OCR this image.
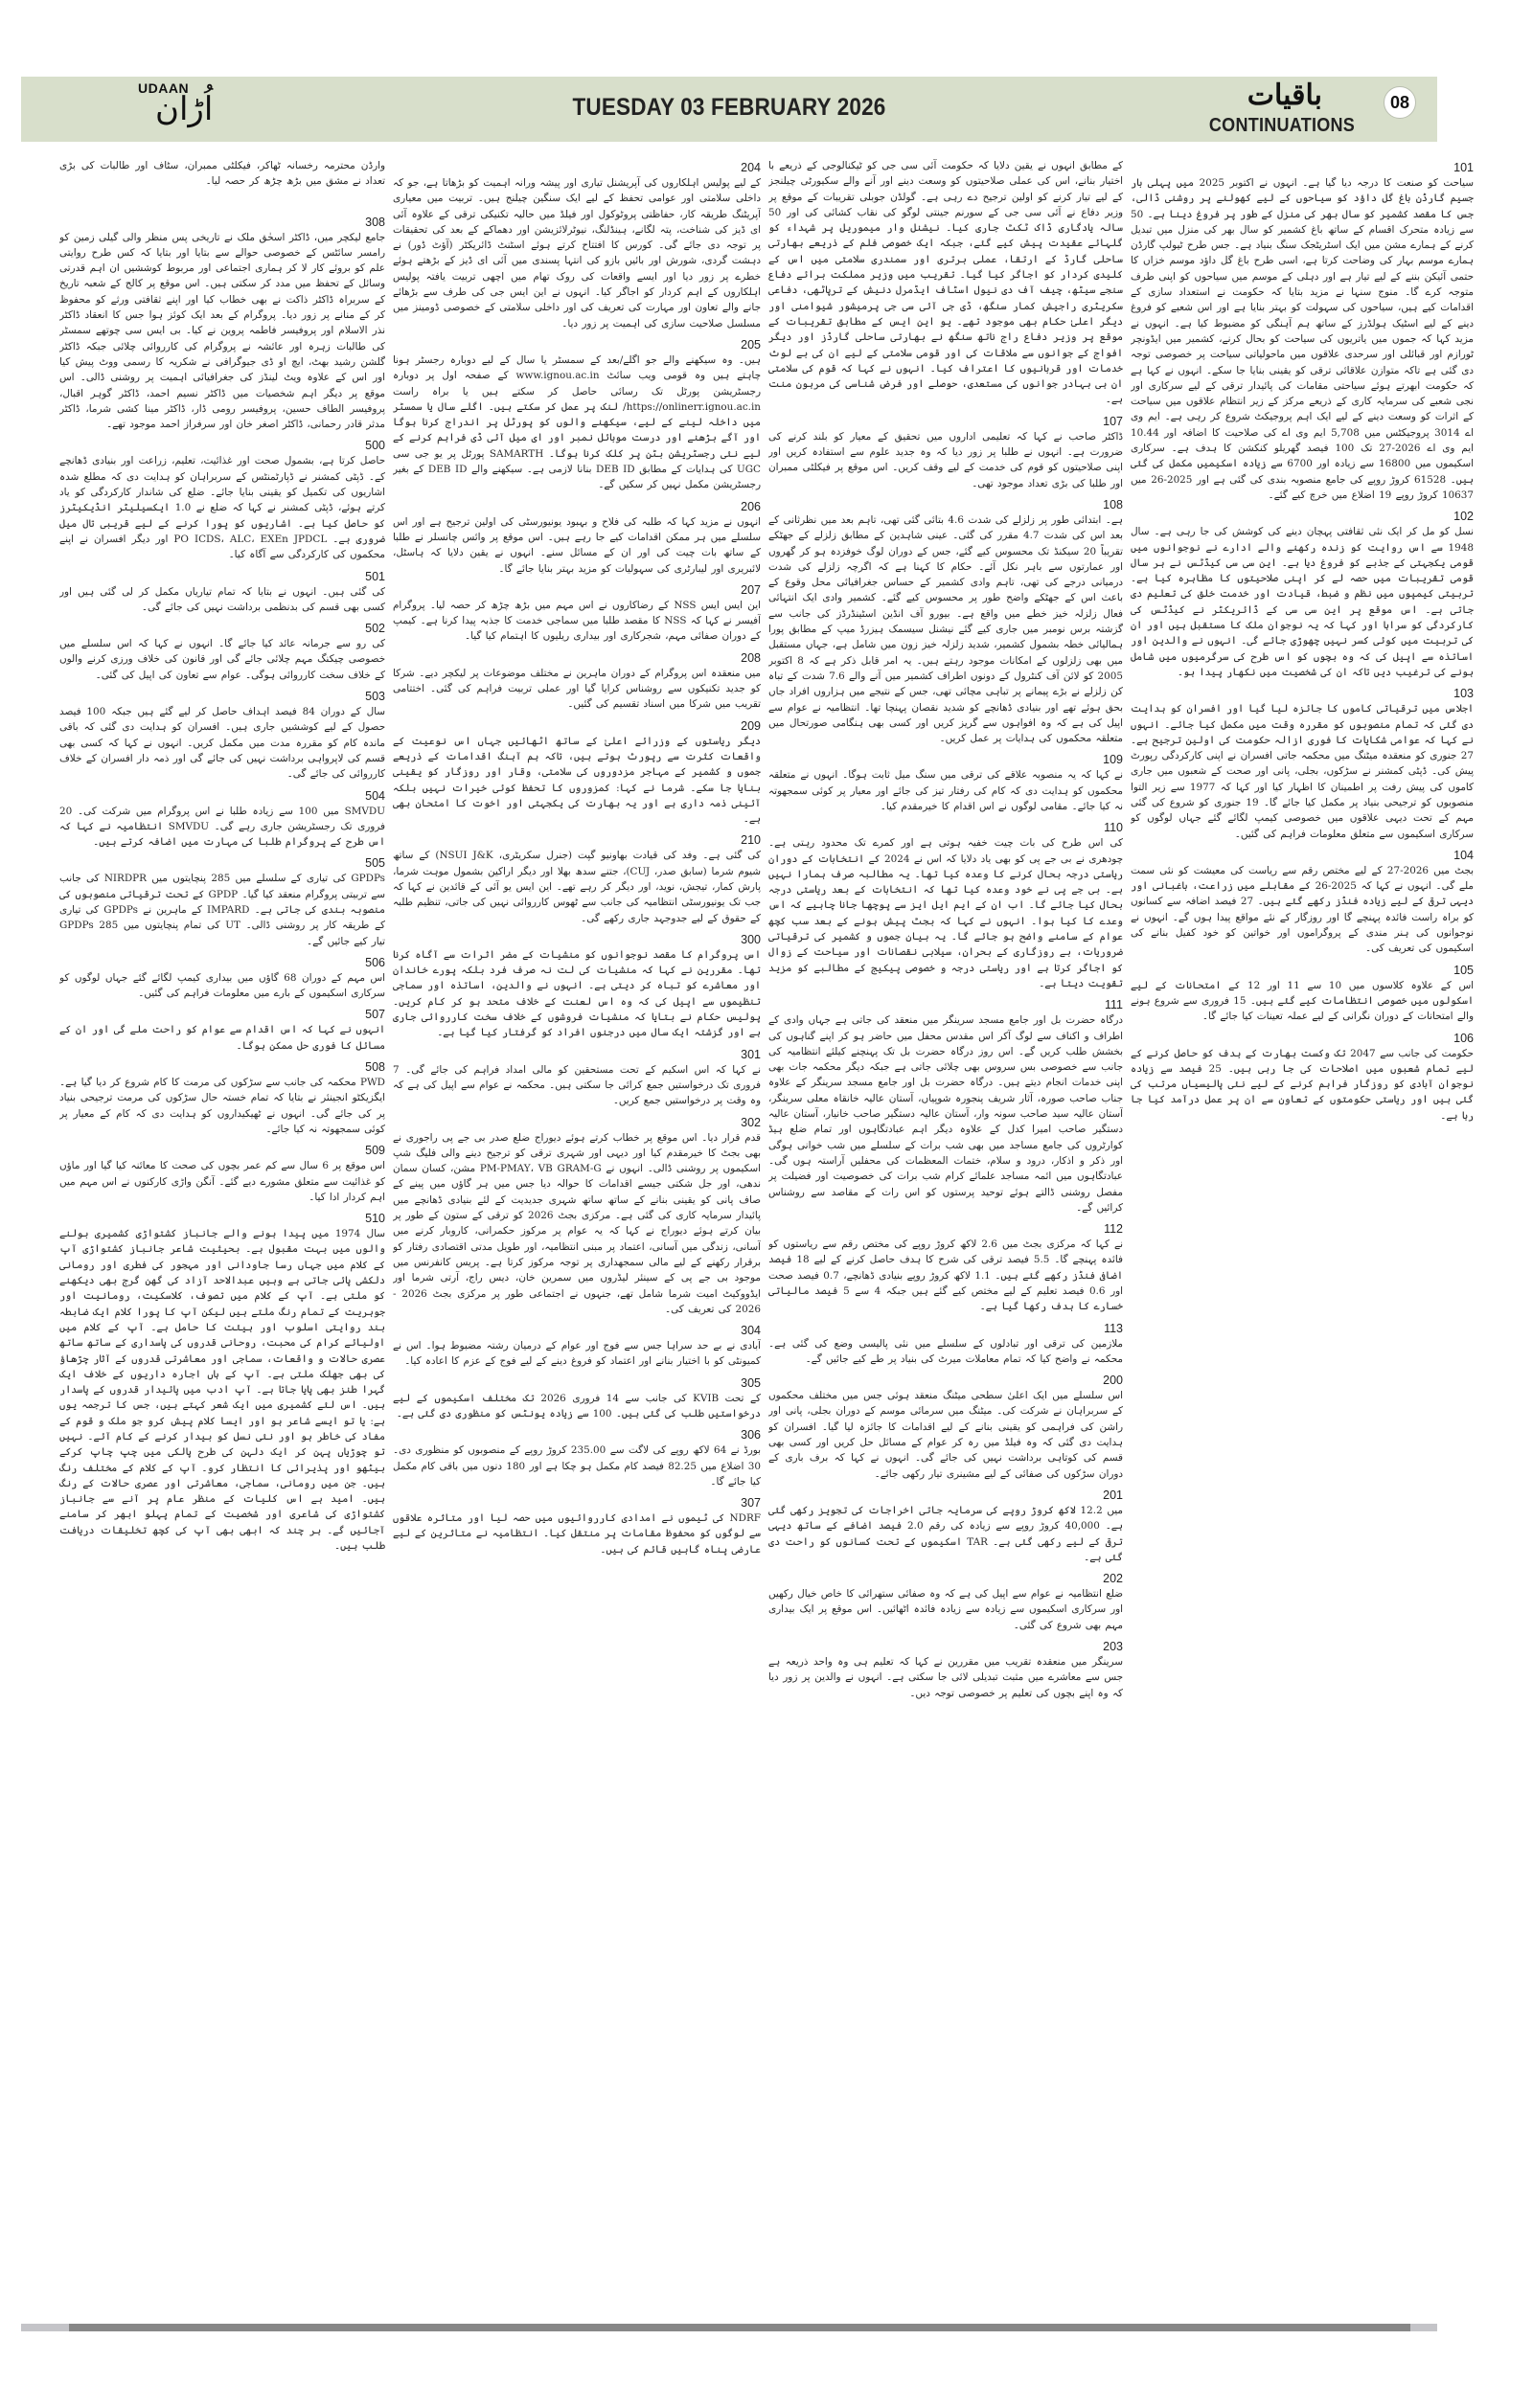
UDAAN
اُڑان	TUESDAY 03 FEBRUARY 2026	باقیات
CONTINUATIONS
08
101

سیاحت کو صنعت کا درجہ دیا گیا ہے۔ انہوں نے اکتوبر 2025 میں پہلی بار جسیم گارڈن باغ گل داؤد کو سیاحوں کے لیے کھولنے پر روشنی ڈالی، جس کا مقصد کشمیر کو سال بھر کی منزل کے طور پر فروغ دینا ہے۔ 50 سے زیادہ متحرک اقسام کے ساتھ باغ کشمیر کو سال بھر کی منزل میں تبدیل کرنے کے ہمارے مشن میں ایک اسٹریٹجک سنگ بنیاد ہے۔ جس طرح ٹیولپ گارڈن ہمارے موسم بہار کی وضاحت کرتا ہے، اسی طرح باغ گل داؤد موسم خزاں کا حتمی آئیکن بننے کے لیے تیار ہے اور دہلی کے موسم میں سیاحوں کو اپنی طرف متوجہ کرے گا۔ منوج سنہا نے مزید بتایا کہ حکومت نے استعداد سازی کے اقدامات کیے ہیں، سیاحوں کی سہولت کو بہتر بنایا ہے اور اس شعبے کو فروغ دینے کے لیے اسٹیک ہولڈرز کے ساتھ ہم آہنگی کو مضبوط کیا ہے۔ انہوں نے مزید کہا کہ جموں میں یاتریوں کی سیاحت کو بحال کرنے، کشمیر میں ایڈونچر ٹورازم اور قبائلی اور سرحدی علاقوں میں ماحولیاتی سیاحت پر خصوصی توجہ دی گئی ہے تاکہ متوازن علاقائی ترقی کو یقینی بنایا جا سکے۔ انہوں نے کہا ہے کہ حکومت ابھرتے ہوئے سیاحتی مقامات کی پائیدار ترقی کے لیے سرکاری اور نجی شعبے کی سرمایہ کاری کے ذریعے مرکز کے زیر انتظام علاقوں میں سیاحت کے اثرات کو وسعت دینے کے لیے ایک اہم پروجیکٹ شروع کر رہی ہے۔ ایم وی اے 3014 پروجیکٹس میں 5,708 ایم وی اے کی صلاحیت کا اضافہ اور 10.44 ایم وی اے 2026-27 تک 100 فیصد گھریلو کنکشن کا ہدف ہے۔ سرکاری اسکیموں میں 16800 سے زیادہ اور 6700 سے زیادہ اسکیمیں مکمل کی گئی ہیں۔ 61528 کروڑ روپے کی جامع منصوبہ بندی کی گئی ہے اور 2025-26 میں 10637 کروڑ روپے 19 اضلاع میں خرچ کیے گئے۔

102

نسل کو مل کر ایک نئی ثقافتی پہچان دینے کی کوشش کی جا رہی ہے۔ سال 1948 سے اس روایت کو زندہ رکھنے والے ادارے نے نوجوانوں میں قومی یکجہتی کے جذبے کو فروغ دیا ہے۔ این سی سی کیڈٹس نے ہر سال قومی تقریبات میں حصہ لے کر اپنی صلاحیتوں کا مظاہرہ کیا ہے۔ تربیتی کیمپوں میں نظم و ضبط، قیادت اور خدمت خلق کی تعلیم دی جاتی ہے۔ اس موقع پر این سی سی کے ڈائریکٹر نے کیڈٹس کی کارکردگی کو سراہا اور کہا کہ یہ نوجوان ملک کا مستقبل ہیں اور ان کی تربیت میں کوئی کسر نہیں چھوڑی جائے گی۔ انہوں نے والدین اور اساتذہ سے اپیل کی کہ وہ بچوں کو اس طرح کی سرگرمیوں میں شامل ہونے کی ترغیب دیں تاکہ ان کی شخصیت میں نکھار پیدا ہو۔

103

اجلاس میں ترقیاتی کاموں کا جائزہ لیا گیا اور افسران کو ہدایت دی گئی کہ تمام منصوبوں کو مقررہ وقت میں مکمل کیا جائے۔ انہوں نے کہا کہ عوامی شکایات کا فوری ازالہ حکومت کی اولین ترجیح ہے۔ 27 جنوری کو منعقدہ میٹنگ میں محکمہ جاتی افسران نے اپنی کارکردگی رپورٹ پیش کی۔ ڈپٹی کمشنر نے سڑکوں، بجلی، پانی اور صحت کے شعبوں میں جاری کاموں کی پیش رفت پر اطمینان کا اظہار کیا اور کہا کہ 1977 سے زیر التوا منصوبوں کو ترجیحی بنیاد پر مکمل کیا جائے گا۔ 19 جنوری کو شروع کی گئی مہم کے تحت دیہی علاقوں میں خصوصی کیمپ لگائے گئے جہاں لوگوں کو سرکاری اسکیموں سے متعلق معلومات فراہم کی گئیں۔

104

بجٹ میں 2026-27 کے لیے مختص رقم سے ریاست کی معیشت کو نئی سمت ملے گی۔ انہوں نے کہا کہ 2025-26 کے مقابلے میں زراعت، باغبانی اور دیہی ترقی کے لیے زیادہ فنڈز رکھے گئے ہیں۔ 27 فیصد اضافہ سے کسانوں کو براہ راست فائدہ پہنچے گا اور روزگار کے نئے مواقع پیدا ہوں گے۔ انہوں نے نوجوانوں کی ہنر مندی کے پروگراموں اور خواتین کو خود کفیل بنانے کی اسکیموں کی تعریف کی۔

105

اس کے علاوہ کلاسوں میں 10 سے 11 اور 12 کے امتحانات کے لیے اسکولوں میں خصوصی انتظامات کیے گئے ہیں۔ 15 فروری سے شروع ہونے والے امتحانات کے دوران نگرانی کے لیے عملہ تعینات کیا جائے گا۔

106

حکومت کی جانب سے 2047 تک وکست بھارت کے ہدف کو حاصل کرنے کے لیے تمام شعبوں میں اصلاحات کی جا رہی ہیں۔ 25 فیصد سے زیادہ نوجوان آبادی کو روزگار فراہم کرنے کے لیے نئی پالیسیاں مرتب کی گئی ہیں اور ریاستی حکومتوں کے تعاون سے ان پر عمل درآمد کیا جا رہا ہے۔

کے مطابق انہوں نے یقین دلایا کہ حکومت آئی سی جی کو ٹیکنالوجی کے ذریعے با اختیار بنانے، اس کی عملی صلاحیتوں کو وسعت دینے اور آنے والے سکیورٹی چیلنجز کے لیے تیار کرنے کو اولین ترجیح دے رہی ہے۔ گولڈن جوبلی تقریبات کے موقع پر وزیر دفاع نے آئی سی جی کے سورنم جینتی لوگو کی نقاب کشائی کی اور 50 سالہ یادگاری ڈاک ٹکٹ جاری کیا۔ نیشنل وار میموریل پر شہداء کو گلہائے عقیدت پیش کیے گئے، جبکہ ایک خصوصی فلم کے ذریعے بھارتی ساحلی گارڈ کے ارتقا، عملی برتری اور سمندری سلامتی میں اس کے کلیدی کردار کو اجاگر کیا گیا۔ تقریب میں وزیر مملکت برائے دفاع سنجے سیٹھ، چیف آف دی نیول اسٹاف ایڈمرل دنیش کے ترپاٹھی، دفاعی سکریٹری راجیش کمار سنگھ، ڈی جی آئی سی جی پرمیشور شیوامنی اور دیگر اعلیٰ حکام بھی موجود تھے۔ یو این ایس کے مطابق تقریبات کے موقع پر وزیر دفاع راج ناتھ سنگھ نے بھارتی ساحلی گارڈز اور دیگر افواج کے جوانوں سے ملاقات کی اور قومی سلامتی کے لیے ان کی بے لوث خدمات اور قربانیوں کا اعتراف کیا۔ انہوں نے کہا کہ قوم کی سلامتی ان ہی بہادر جوانوں کی مستعدی، حوصلے اور فرض شناسی کی مرہون منت ہے۔

107

ڈاکٹر صاحب نے کہا کہ تعلیمی اداروں میں تحقیق کے معیار کو بلند کرنے کی ضرورت ہے۔ انہوں نے طلبا پر زور دیا کہ وہ جدید علوم سے استفادہ کریں اور اپنی صلاحیتوں کو قوم کی خدمت کے لیے وقف کریں۔ اس موقع پر فیکلٹی ممبران اور طلبا کی بڑی تعداد موجود تھی۔

108

ہے۔ ابتدائی طور پر زلزلے کی شدت 4.6 بتائی گئی تھی، تاہم بعد میں نظرثانی کے بعد اس کی شدت 4.7 مقرر کی گئی۔ عینی شاہدین کے مطابق زلزلے کے جھٹکے تقریباً 20 سیکنڈ تک محسوس کیے گئے، جس کے دوران لوگ خوفزدہ ہو کر گھروں اور عمارتوں سے باہر نکل آئے۔ حکام کا کہنا ہے کہ اگرچہ زلزلے کی شدت درمیانی درجے کی تھی، تاہم وادی کشمیر کے حساس جغرافیائی محل وقوع کے باعث اس کے جھٹکے واضح طور پر محسوس کیے گئے۔ کشمیر وادی ایک انتہائی فعال زلزلہ خیز خطے میں واقع ہے۔ بیورو آف انڈین اسٹینڈرڈز کی جانب سے گزشتہ برس نومبر میں جاری کیے گئے نیشنل سیسمک ہیزرڈ میپ کے مطابق پورا ہمالیائی خطہ بشمول کشمیر، شدید زلزلہ خیز زون میں شامل ہے، جہاں مستقبل میں بھی زلزلوں کے امکانات موجود رہتے ہیں۔ یہ امر قابل ذکر ہے کہ 8 اکتوبر 2005 کو لائن آف کنٹرول کے دونوں اطراف کشمیر میں آنے والے 7.6 شدت کے تباہ کن زلزلے نے بڑے پیمانے پر تباہی مچائی تھی، جس کے نتیجے میں ہزاروں افراد جاں بحق ہوئے تھے اور بنیادی ڈھانچے کو شدید نقصان پہنچا تھا۔ انتظامیہ نے عوام سے اپیل کی ہے کہ وہ افواہوں سے گریز کریں اور کسی بھی ہنگامی صورتحال میں متعلقہ محکموں کی ہدایات پر عمل کریں۔

109

نے کہا کہ یہ منصوبہ علاقے کی ترقی میں سنگ میل ثابت ہوگا۔ انہوں نے متعلقہ محکموں کو ہدایت دی کہ کام کی رفتار تیز کی جائے اور معیار پر کوئی سمجھوتہ نہ کیا جائے۔ مقامی لوگوں نے اس اقدام کا خیرمقدم کیا۔

110

کی اس طرح کی بات چیت خفیہ ہوتی ہے اور کمرے تک محدود رہتی ہے۔ چودھری نے بی جے پی کو بھی یاد دلایا کہ اس نے 2024 کے انتخابات کے دوران ریاستی درجہ بحال کرنے کا وعدہ کیا تھا۔ یہ مطالبہ صرف ہمارا نہیں ہے۔ بی جے پی نے خود وعدہ کیا تھا کہ انتخابات کے بعد ریاستی درجہ بحال کیا جائے گا۔ اب ان کے ایم ایل ایز سے پوچھا جانا چاہیے کہ اس وعدے کا کیا ہوا۔ انہوں نے کہا کہ بجٹ پیش ہونے کے بعد سب کچھ عوام کے سامنے واضح ہو جائے گا۔ یہ بیان جموں و کشمیر کی ترقیاتی ضروریات، بے روزگاری کے بحران، سیلابی نقصانات اور سیاحت کے زوال کو اجاگر کرتا ہے اور ریاستی درجہ و خصوصی پیکیج کے مطالبے کو مزید تقویت دیتا ہے۔

111

درگاہ حضرت بل اور جامع مسجد سرینگر میں منعقد کی جاتی ہے جہاں وادی کے اطراف و اکناف سے لوگ آکر اس مقدس محفل میں حاضر ہو کر اپنے گناہوں کی بخشش طلب کریں گے۔ اس روز درگاہ حضرت بل تک پہنچنے کیلئے انتظامیہ کی جانب سے خصوصی بس سروس بھی چلائی جاتی ہے جبکہ دیگر محکمہ جات بھی اپنی خدمات انجام دیتے ہیں۔ درگاہ حضرت بل اور جامع مسجد سرینگر کے علاوہ جناب صاحب صورہ، آثار شریف پنجورہ شوپیاں، آستان عالیہ خانقاہ معلی سرینگر، آستان عالیہ سید صاحب سونہ وار، آستان عالیہ دستگیر صاحب خانیار، آستان عالیہ دستگیر صاحب امیرا کدل کے علاوہ دیگر اہم عبادتگاہوں اور تمام ضلع ہیڈ کوارٹروں کی جامع مساجد میں بھی شب برات کے سلسلے میں شب خوانی ہوگی اور ذکر و اذکار، درود و سلام، ختمات المعظمات کی محفلیں آراستہ ہوں گی۔ عبادتگاہوں میں ائمہ مساجد علمائے کرام شب برات کی خصوصیت اور فضیلت پر مفصل روشنی ڈالتے ہوئے توحید پرستوں کو اس رات کے مقاصد سے روشناس کرائیں گے۔

112

نے کہا کہ مرکزی بجٹ میں 2.6 لاکھ کروڑ روپے کی مختص رقم سے ریاستوں کو فائدہ پہنچے گا۔ 5.5 فیصد ترقی کی شرح کا ہدف حاصل کرنے کے لیے 18 فیصد اضافی فنڈز رکھے گئے ہیں۔ 1.1 لاکھ کروڑ روپے بنیادی ڈھانچے، 0.7 فیصد صحت اور 0.6 فیصد تعلیم کے لیے مختص کیے گئے ہیں جبکہ 4 سے 5 فیصد مالیاتی خسارے کا ہدف رکھا گیا ہے۔

113

ملازمین کی ترقی اور تبادلوں کے سلسلے میں نئی پالیسی وضع کی گئی ہے۔ محکمہ نے واضح کیا کہ تمام معاملات میرٹ کی بنیاد پر طے کیے جائیں گے۔

200

اس سلسلے میں ایک اعلیٰ سطحی میٹنگ منعقد ہوئی جس میں مختلف محکموں کے سربراہان نے شرکت کی۔ میٹنگ میں سرمائی موسم کے دوران بجلی، پانی اور راشن کی فراہمی کو یقینی بنانے کے لیے اقدامات کا جائزہ لیا گیا۔ افسران کو ہدایت دی گئی کہ وہ فیلڈ میں رہ کر عوام کے مسائل حل کریں اور کسی بھی قسم کی کوتاہی برداشت نہیں کی جائے گی۔ انہوں نے کہا کہ برف باری کے دوران سڑکوں کی صفائی کے لیے مشینری تیار رکھی جائے۔

201

میں 12.2 لاکھ کروڑ روپے کی سرمایہ جاتی اخراجات کی تجویز رکھی گئی ہے۔ 40,000 کروڑ روپے سے زیادہ کی رقم 2.0 فیصد اضافے کے ساتھ دیہی ترقی کے لیے رکھی گئی ہے۔ TAR اسکیموں کے تحت کسانوں کو راحت دی گئی ہے۔

202

ضلع انتظامیہ نے عوام سے اپیل کی ہے کہ وہ صفائی ستھرائی کا خاص خیال رکھیں اور سرکاری اسکیموں سے زیادہ سے زیادہ فائدہ اٹھائیں۔ اس موقع پر ایک بیداری مہم بھی شروع کی گئی۔

203

سرینگر میں منعقدہ تقریب میں مقررین نے کہا کہ تعلیم ہی وہ واحد ذریعہ ہے جس سے معاشرے میں مثبت تبدیلی لائی جا سکتی ہے۔ انہوں نے والدین پر زور دیا کہ وہ اپنے بچوں کی تعلیم پر خصوصی توجہ دیں۔

204

کے لیے پولیس اہلکاروں کی آپریشنل تیاری اور پیشہ ورانہ اہمیت کو بڑھاتا ہے، جو کہ داخلی سلامتی اور عوامی تحفظ کے لیے ایک سنگین چیلنج ہیں۔ تربیت میں معیاری آپریٹنگ طریقہ کار، حفاظتی پروٹوکول اور فیلڈ میں حالیہ تکنیکی ترقی کے علاوہ آئی ای ڈیز کی شناخت، پتہ لگانے، ہینڈلنگ، نیوٹرلائزیشن اور دھماکے کے بعد کی تحقیقات پر توجہ دی جائے گی۔ کورس کا افتتاح کرتے ہوئے اسٹنٹ ڈائریکٹر (آؤٹ ڈور) نے دہشت گردی، شورش اور بائیں بازو کی انتہا پسندی میں آئی ای ڈیز کے بڑھتے ہوئے خطرے پر زور دیا اور ایسے واقعات کی روک تھام میں اچھی تربیت یافتہ پولیس اہلکاروں کے اہم کردار کو اجاگر کیا۔ انہوں نے این ایس جی کی طرف سے بڑھائے جانے والے تعاون اور مہارت کی تعریف کی اور داخلی سلامتی کے خصوصی ڈومینز میں مسلسل صلاحیت سازی کی اہمیت پر زور دیا۔

205

ہیں۔ وہ سیکھنے والے جو اگلے/بعد کے سمسٹر یا سال کے لیے دوبارہ رجسٹر ہونا چاہتے ہیں وہ قومی ویب سائٹ www.ignou.ac.in کے صفحہ اول پر دوبارہ رجسٹریشن پورٹل تک رسائی حاصل کر سکتے ہیں یا براہ راست https://onlinerr.ignou.ac.in/ لنک پر عمل کر سکتے ہیں۔ اگلے سال یا سمسٹر میں داخلہ لینے کے لیے، سیکھنے والوں کو پورٹل پر اندراج کرنا ہوگا اور آگے بڑھنے اور درست موبائل نمبر اور ای میل آئی ڈی فراہم کرنے کے لیے نئی رجسٹریشن بٹن پر کلک کرنا ہوگا۔ SAMARTH پورٹل پر یو جی سی UGC کی ہدایات کے مطابق DEB ID بنانا لازمی ہے۔ سیکھنے والے DEB ID کے بغیر رجسٹریشن مکمل نہیں کر سکیں گے۔

206

انہوں نے مزید کہا کہ طلبہ کی فلاح و بہبود یونیورسٹی کی اولین ترجیح ہے اور اس سلسلے میں ہر ممکن اقدامات کیے جا رہے ہیں۔ اس موقع پر وائس چانسلر نے طلبا کے ساتھ بات چیت کی اور ان کے مسائل سنے۔ انہوں نے یقین دلایا کہ ہاسٹل، لائبریری اور لیبارٹری کی سہولیات کو مزید بہتر بنایا جائے گا۔

207

این ایس ایس NSS کے رضاکاروں نے اس مہم میں بڑھ چڑھ کر حصہ لیا۔ پروگرام آفیسر نے کہا کہ NSS کا مقصد طلبا میں سماجی خدمت کا جذبہ پیدا کرنا ہے۔ کیمپ کے دوران صفائی مہم، شجرکاری اور بیداری ریلیوں کا اہتمام کیا گیا۔

208

میں منعقدہ اس پروگرام کے دوران ماہرین نے مختلف موضوعات پر لیکچر دیے۔ شرکا کو جدید تکنیکوں سے روشناس کرایا گیا اور عملی تربیت فراہم کی گئی۔ اختتامی تقریب میں شرکا میں اسناد تقسیم کی گئیں۔

209

دیگر ریاستوں کے وزرائے اعلیٰ کے ساتھ اٹھائیں جہاں اس نوعیت کے واقعات کثرت سے رپورٹ ہوتے ہیں، تاکہ ہم آہنگ اقدامات کے ذریعے جموں و کشمیر کے مہاجر مزدوروں کی سلامتی، وقار اور روزگار کو یقینی بنایا جا سکے۔ شرما نے کہا: کمزوروں کا تحفظ کوئی خیرات نہیں بلکہ آئینی ذمہ داری ہے اور یہ بھارت کی یکجہتی اور اخوت کا امتحان بھی ہے۔

210

کی گئی ہے۔ وفد کی قیادت بھاونیو گپت (جنرل سکریٹری، NSUI J&K) کے ساتھ شیوم شرما (سابق صدر، CUJ)، جتنے سدھ بھلا اور دیگر اراکین بشمول موہت شرما، پارش کمار، تیجش، نوید، اور دیگر کر رہے تھے۔ این ایس یو آئی کے قائدین نے کہا کہ جب تک یونیورسٹی انتظامیہ کی جانب سے ٹھوس کارروائی نہیں کی جاتی، تنظیم طلبہ کے حقوق کے لیے جدوجہد جاری رکھے گی۔

300

اس پروگرام کا مقصد نوجوانوں کو منشیات کے مضر اثرات سے آگاہ کرنا تھا۔ مقررین نے کہا کہ منشیات کی لت نہ صرف فرد بلکہ پورے خاندان اور معاشرے کو تباہ کر دیتی ہے۔ انہوں نے والدین، اساتذہ اور سماجی تنظیموں سے اپیل کی کہ وہ اس لعنت کے خلاف متحد ہو کر کام کریں۔ پولیس حکام نے بتایا کہ منشیات فروشوں کے خلاف سخت کارروائی جاری ہے اور گزشتہ ایک سال میں درجنوں افراد کو گرفتار کیا گیا ہے۔

301

نے کہا کہ اس اسکیم کے تحت مستحقین کو مالی امداد فراہم کی جائے گی۔ 7 فروری تک درخواستیں جمع کرائی جا سکتی ہیں۔ محکمہ نے عوام سے اپیل کی ہے کہ وہ وقت پر درخواستیں جمع کریں۔

302

قدم قرار دیا۔ اس موقع پر خطاب کرتے ہوئے دیوراج ضلع صدر بی جے پی راجوری نے بھی بجٹ کا خیرمقدم کیا اور دیہی اور شہری ترقی کو ترجیح دینے والی فلیگ شپ اسکیموں پر روشنی ڈالی۔ انہوں نے PM-PMAY، VB GRAM-G مشن، کسان سمان ندھی، اور جل شکتی جیسے اقدامات کا حوالہ دیا جس میں ہر گاؤں میں پینے کے صاف پانی کو یقینی بنانے کے ساتھ ساتھ شہری جدیدیت کے لئے بنیادی ڈھانچے میں پائیدار سرمایہ کاری کی گئی ہے۔ مرکزی بجٹ 2026 کو ترقی کے ستون کے طور پر بیان کرتے ہوئے دیوراج نے کہا کہ یہ عوام پر مرکوز حکمرانی، کاروبار کرنے میں آسانی، زندگی میں آسانی، اعتماد پر مبنی انتظامیہ، اور طویل مدتی اقتصادی رفتار کو برقرار رکھنے کے لیے مالی سمجھداری پر توجہ مرکوز کرتا ہے۔ پریس کانفرنس میں موجود بی جے پی کے سینئر لیڈروں میں سمرین خان، دیس راج، آرتی شرما اور ایڈووکیٹ امیت شرما شامل تھے، جنہوں نے اجتماعی طور پر مرکزی بجٹ 2026 - 2026 کی تعریف کی۔

304

آبادی نے بے حد سراہا جس سے فوج اور عوام کے درمیان رشتہ مضبوط ہوا۔ اس نے کمیونٹی کو با اختیار بنانے اور اعتماد کو فروغ دینے کے لیے فوج کے عزم کا اعادہ کیا۔

305

کے تحت KVIB کی جانب سے 14 فروری 2026 تک مختلف اسکیموں کے لیے درخواستیں طلب کی گئی ہیں۔ 100 سے زیادہ یونٹس کو منظوری دی گئی ہے۔

306

بورڈ نے 64 لاکھ روپے کی لاگت سے 235.00 کروڑ روپے کے منصوبوں کو منظوری دی۔ 30 اضلاع میں 82.25 فیصد کام مکمل ہو چکا ہے اور 180 دنوں میں باقی کام مکمل کیا جائے گا۔

307

NDRF کی ٹیموں نے امدادی کارروائیوں میں حصہ لیا اور متاثرہ علاقوں سے لوگوں کو محفوظ مقامات پر منتقل کیا۔ انتظامیہ نے متاثرین کے لیے عارضی پناہ گاہیں قائم کی ہیں۔

وارڈن محترمہ رخسانہ ٹھاکر، فیکلٹی ممبران، سٹاف اور طالبات کی بڑی تعداد نے مشق میں بڑھ چڑھ کر حصہ لیا۔

308

جامع لیکچر میں، ڈاکٹر اسحٰق ملک نے تاریخی پس منظر والی گیلی زمین کو رامسر سائٹس کے خصوصی حوالے سے بتایا اور بتایا کہ کس طرح روایتی علم کو بروئے کار لا کر ہماری اجتماعی اور مربوط کوششیں ان اہم قدرتی وسائل کے تحفظ میں مدد کر سکتی ہیں۔ اس موقع پر کالج کے شعبہ تاریخ کے سربراہ ڈاکٹر ذاکت نے بھی خطاب کیا اور اپنے ثقافتی ورثے کو محفوظ کر کے منانے پر زور دیا۔ پروگرام کے بعد ایک کوئز ہوا جس کا انعقاد ڈاکٹر نذر الاسلام اور پروفیسر فاطمہ پروین نے کیا۔ بی ایس سی چوتھے سمسٹر کی طالبات زہرہ اور عائشہ نے پروگرام کی کارروائی چلائی جبکہ ڈاکٹر گلشن رشید بھٹ، ایچ او ڈی جیوگرافی نے شکریہ کا رسمی ووٹ پیش کیا اور اس کے علاوہ ویٹ لینڈز کی جغرافیائی اہمیت پر روشنی ڈالی۔ اس موقع پر دیگر اہم شخصیات میں ڈاکٹر نسیم احمد، ڈاکٹر گوہر اقبال، پروفیسر الطاف حسین، پروفیسر رومی ڈار، ڈاکٹر مینا کشی شرما، ڈاکٹر مدثر قادر رحمانی، ڈاکٹر اصغر خان اور سرفراز احمد موجود تھے۔

500

حاصل کرتا ہے، بشمول صحت اور غذائیت، تعلیم، زراعت اور بنیادی ڈھانچے کے۔ ڈپٹی کمشنر نے ڈپارٹمنٹس کے سربراہان کو ہدایت دی کہ مطلع شدہ اشاریوں کی تکمیل کو یقینی بنایا جائے۔ ضلع کی شاندار کارکردگی کو یاد کرتے ہوئے، ڈپٹی کمشنر نے کہا کہ ضلع نے 1.0 ایکسیلیٹر انڈیکیٹرز کو حاصل کیا ہے۔ اشاریوں کو پورا کرنے کے لیے قریبی تال میل ضروری ہے۔ PO ICDS، ALC، EXEn JPDCL اور دیگر افسران نے اپنے محکموں کی کارکردگی سے آگاہ کیا۔

501

کی گئی ہیں۔ انہوں نے بتایا کہ تمام تیاریاں مکمل کر لی گئی ہیں اور کسی بھی قسم کی بدنظمی برداشت نہیں کی جائے گی۔

502

کی رو سے جرمانہ عائد کیا جائے گا۔ انہوں نے کہا کہ اس سلسلے میں خصوصی چیکنگ مہم چلائی جائے گی اور قانون کی خلاف ورزی کرنے والوں کے خلاف سخت کارروائی ہوگی۔ عوام سے تعاون کی اپیل کی گئی۔

503

سال کے دوران 84 فیصد اہداف حاصل کر لیے گئے ہیں جبکہ 100 فیصد حصول کے لیے کوششیں جاری ہیں۔ افسران کو ہدایت دی گئی کہ باقی ماندہ کام کو مقررہ مدت میں مکمل کریں۔ انہوں نے کہا کہ کسی بھی قسم کی لاپرواہی برداشت نہیں کی جائے گی اور ذمہ دار افسران کے خلاف کارروائی کی جائے گی۔

504

SMVDU میں 100 سے زیادہ طلبا نے اس پروگرام میں شرکت کی۔ 20 فروری تک رجسٹریشن جاری رہے گی۔ SMVDU انتظامیہ نے کہا کہ اس طرح کے پروگرام طلبا کی مہارت میں اضافہ کرتے ہیں۔

505

GPDPs کی تیاری کے سلسلے میں 285 پنچایتوں میں NIRDPR کی جانب سے تربیتی پروگرام منعقد کیا گیا۔ GPDP کے تحت ترقیاتی منصوبوں کی منصوبہ بندی کی جاتی ہے۔ IMPARD کے ماہرین نے GPDPs کی تیاری کے طریقہ کار پر روشنی ڈالی۔ UT کی تمام پنچایتوں میں 285 GPDPs تیار کیے جائیں گے۔

506

اس مہم کے دوران 68 گاؤں میں بیداری کیمپ لگائے گئے جہاں لوگوں کو سرکاری اسکیموں کے بارے میں معلومات فراہم کی گئیں۔

507

انہوں نے کہا کہ اس اقدام سے عوام کو راحت ملے گی اور ان کے مسائل کا فوری حل ممکن ہوگا۔

508

PWD محکمہ کی جانب سے سڑکوں کی مرمت کا کام شروع کر دیا گیا ہے۔ ایگزیکٹو انجینئر نے بتایا کہ تمام خستہ حال سڑکوں کی مرمت ترجیحی بنیاد پر کی جائے گی۔ انہوں نے ٹھیکیداروں کو ہدایت دی کہ کام کے معیار پر کوئی سمجھوتہ نہ کیا جائے۔

509

اس موقع پر 6 سال سے کم عمر بچوں کی صحت کا معائنہ کیا گیا اور ماؤں کو غذائیت سے متعلق مشورے دیے گئے۔ آنگن واڑی کارکنوں نے اس مہم میں اہم کردار ادا کیا۔

510

سال 1974 میں پیدا ہونے والے جانباز کشتواڑی کشمیری بولنے والوں میں بہت مقبول ہے۔ بحیثیت شاعر جانباز کشتواڑی آپ کے کلام میں جہاں رسا جاودانی اور مہجور کی فطری اور رومانی دلکشی پائی جاتی ہے وہیں عبدالاحد آزاد کی گھن گرج بھی دیکھنے کو ملتی ہے۔ آپ کے کلام میں تصوف، کلاسکیت، رومانیت اور جوہریت کے تمام رنگ ملتے ہیں لیکن آپ کا پورا کلام ایک ضابطہ بند روایتی اسلوب اور ہیئت کا حامل ہے۔ آپ کے کلام میں اولیائے کرام کی محبت، روحانی قدروں کی پاسداری کے ساتھ ساتھ عصری حالات و واقعات، سماجی اور معاشرتی قدروں کے آثار چڑھاؤ کی بھی جھلک ملتی ہے۔ آپ کے ہاں اجارہ داریوں کے خلاف ایک گہرا طنز بھی پایا جاتا ہے۔ آپ ادب میں پائیدار قدروں کے پاسدار ہیں۔ اس لئے کشمیری میں ایک شعر کہتے ہیں، جس کا ترجمہ یوں ہے: یا تو ایسے شاعر ہو اور ایسا کلام پیش کرو جو ملک و قوم کے مفاد کی خاطر ہو اور نئی نسل کو بیدار کرنے کے کام آئے۔ نہیں تو چوڑیاں پہن کر ایک دلہن کی طرح پالکی میں چپ چاپ کرکے بیٹھو اور پذیرائی کا انتظار کرو۔ آپ کے کلام کے مختلف رنگ ہیں۔ جن میں رومانی، سماجی، معاشرتی اور عصری حالات کے رنگ ہیں۔ امید ہے اس کلیات کے منظر عام پر آنے سے جانباز کشتواڑی کی شاعری اور شخصیت کے تمام پہلو ابھر کر سامنے آجائیں گے۔ ہر چند کہ ابھی بھی آپ کی کچھ تخلیقات دریافت طلب ہیں۔
